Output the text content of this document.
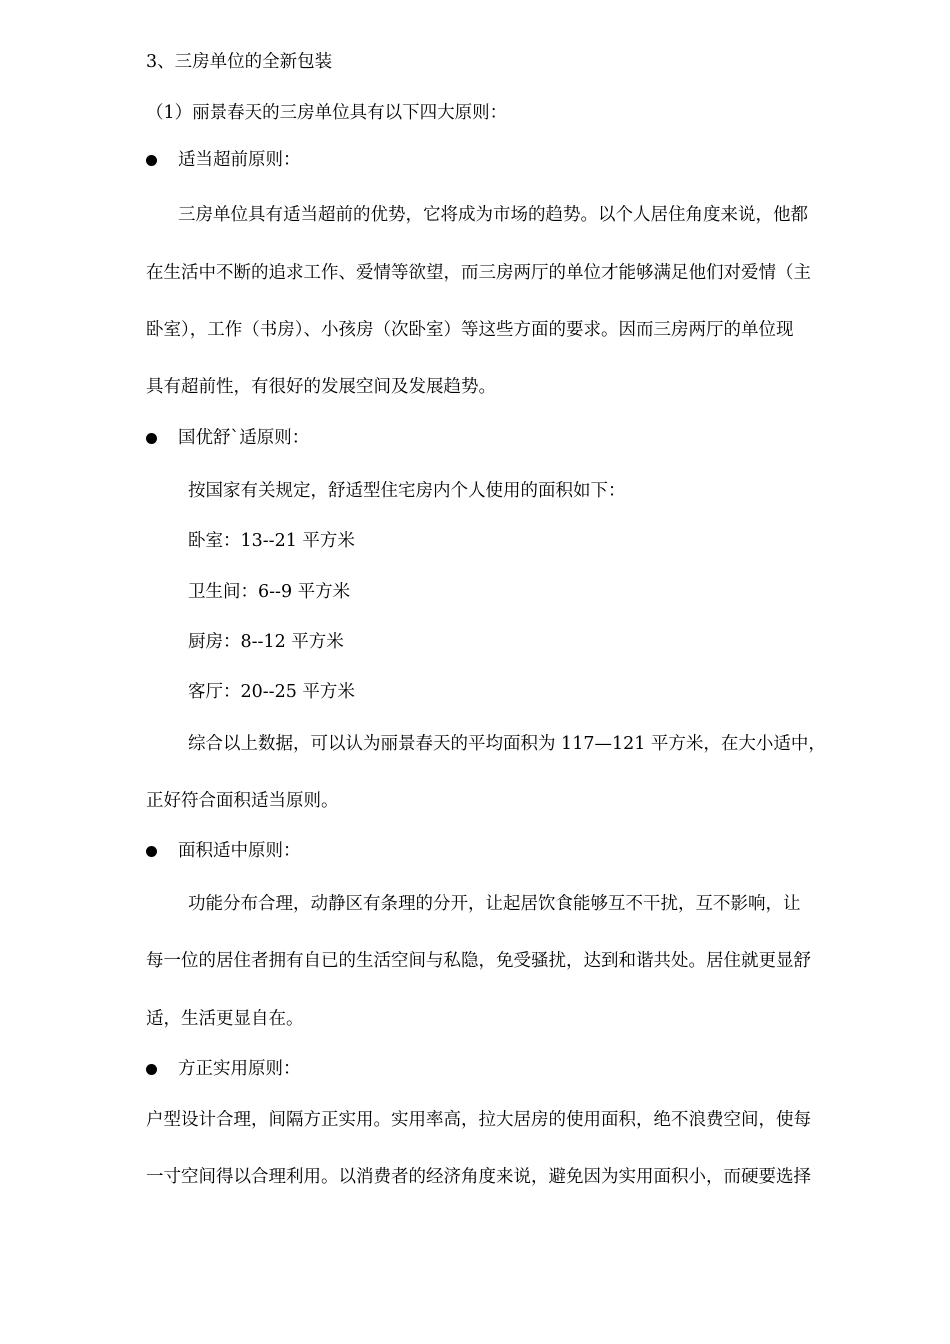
3、三房单位的全新包装
（1）丽景春天的三房单位具有以下四大原则：
适当超前原则：
三房单位具有适当超前的优势，它将成为市场的趋势。以个人居住角度来说，他都
在生活中不断的追求工作、爱情等欲望，而三房两厅的单位才能够满足他们对爱情（主
卧室），工作（书房）、小孩房（次卧室）等这些方面的要求。因而三房两厅的单位现
具有超前性，有很好的发展空间及发展趋势。
国优舒`适原则：
按国家有关规定，舒适型住宅房内个人使用的面积如下：
卧室：13--21 平方米
卫生间：6--9 平方米
厨房：8--12 平方米
客厅：20--25 平方米
综合以上数据，可以认为丽景春天的平均面积为 117—121 平方米，在大小适中，
正好符合面积适当原则。
面积适中原则：
功能分布合理，动静区有条理的分开，让起居饮食能够互不干扰，互不影响，让
每一位的居住者拥有自已的生活空间与私隐，免受骚扰，达到和谐共处。居住就更显舒
适，生活更显自在。
方正实用原则：
户型设计合理，间隔方正实用。实用率高，拉大居房的使用面积，绝不浪费空间，使每
一寸空间得以合理利用。以消费者的经济角度来说，避免因为实用面积小，而硬要选择
